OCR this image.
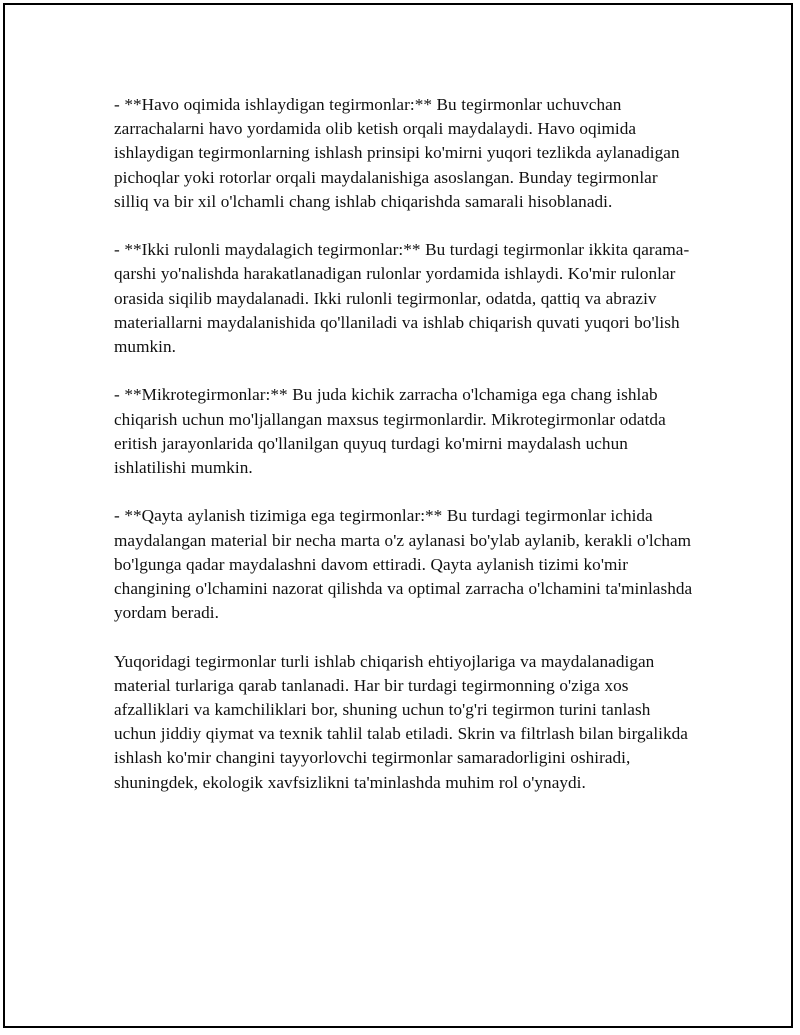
- **Havo oqimida ishlaydigan tegirmonlar:** Bu tegirmonlar uchuvchan zarrachalarni havo yordamida olib ketish orqali maydalaydi. Havo oqimida ishlaydigan tegirmonlarning ishlash prinsipi ko'mirni yuqori tezlikda aylanadigan pichoqlar yoki rotorlar orqali maydalanishiga asoslangan. Bunday tegirmonlar silliq va bir xil o'lchamli chang ishlab chiqarishda samarali hisoblanadi.

- **Ikki rulonli maydalagich tegirmonlar:** Bu turdagi tegirmonlar ikkita qarama-qarshi yo'nalishda harakatlanadigan rulonlar yordamida ishlaydi. Ko'mir rulonlar orasida siqilib maydalanadi. Ikki rulonli tegirmonlar, odatda, qattiq va abraziv materiallarni maydalanishida qo'llaniladi va ishlab chiqarish quvati yuqori bo'lish mumkin.

- **Mikrotegirmonlar:** Bu juda kichik zarracha o'lchamiga ega chang ishlab chiqarish uchun mo'ljallangan maxsus tegirmonlardir. Mikrotegirmonlar odatda eritish jarayonlarida qo'llanilgan quyuq turdagi ko'mirni maydalash uchun ishlatilishi mumkin.

- **Qayta aylanish tizimiga ega tegirmonlar:** Bu turdagi tegirmonlar ichida maydalangan material bir necha marta o'z aylanasi bo'ylab aylanib, kerakli o'lcham bo'lgunga qadar maydalashni davom ettiradi. Qayta aylanish tizimi ko'mir changining o'lchamini nazorat qilishda va optimal zarracha o'lchamini ta'minlashda yordam beradi.

Yuqoridagi tegirmonlar turli ishlab chiqarish ehtiyojlariga va maydalanadigan material turlariga qarab tanlanadi. Har bir turdagi tegirmonning o'ziga xos afzalliklari va kamchiliklari bor, shuning uchun to'g'ri tegirmon turini tanlash uchun jiddiy qiymat va texnik tahlil talab etiladi. Skrin va filtrlash bilan birgalikda ishlash ko'mir changini tayyorlovchi tegirmonlar samaradorligini oshiradi, shuningdek, ekologik xavfsizlikni ta'minlashda muhim rol o'ynaydi.
